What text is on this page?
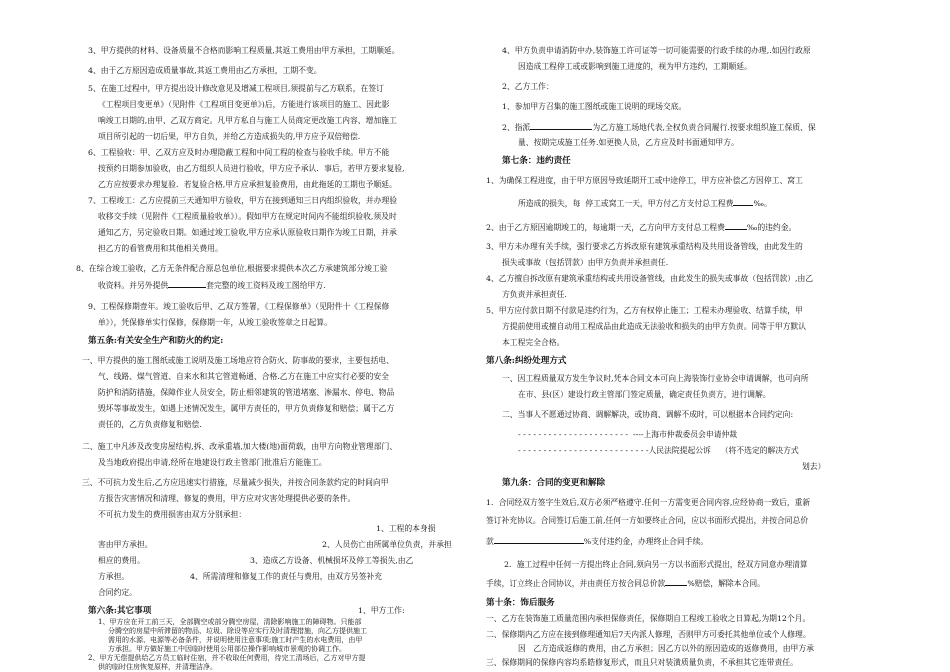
3、甲方提供的材料、设备质量不合格而影响工程质量,其返工费用由甲方承担，工期顺延。
4、由于乙方原因造成质量事故,其返工费用由乙方承担，工期不变。
5、在施工过程中，甲方提出设计修改意见及增减工程项目,须提前与乙方联系，在签订
《工程项目变更单》（见附件《工程项目变更单》)后，方能进行该项目的施工、因此影
响竣工日期的,由甲、乙双方商定。凡甲方私自与施工人员商定更改施工内容、增加施工
项目所引起的一切后果，甲方自负，并给乙方造成损失的,甲方应予双倍赔偿.
6、工程验收：甲、乙双方应及时办理隐蔽工程和中间工程的检查与验收手续。甲方不能
按预约日期参加验收，由乙方组织人员进行验收，甲方应予承认．事后，若甲方要求复验,
乙方应按要求办理复验．若复验合格,甲方应承担复验费用，由此拖延的工期也予顺延。
7、工程竣工：乙方应提前三天通知甲方验收，甲方在接到通知三日内组织验收，并办理验
收移交手续（见附件《工程质量验收单》）。假如甲方在规定时间内不能组织验收,须及时
通知乙方，另定验收日期。如通过竣工验收,甲方应承认原验收日期作为竣工日期，并承
担乙方的看管费用和其他相关费用。
8、在综合竣工验收，乙方无条件配合原总包单位,根据要求提供本次乙方承建筑部分竣工验
收资料。并另外提供	套完整的竣工资料及竣工图给甲方.
9、工程保修期壹年。竣工验收后甲、乙双方签署，《工程保修单》（见附件十《工程保修
单》），凭保修单实行保修，保修期一年，从竣工验收签章之日起算。
第五条:有关安全生产和防火的约定:
一、甲方提供的施工图纸或施工说明及施工场地应符合防火、防事故的要求，主要包括电、
气、线路、煤气管道、自来水和其它管道畅通、合格.乙方在施工中应实行必要的安全
防护和消防措施，保障作业人员安全，防止相邻建筑的管道堵塞、渗漏水、停电、物品
毁坏等事故发生，如遇上述情况发生，属甲方责任的，甲方负责修复和赔偿；属于乙方
责任的，乙方负责修复和赔偿.
二、施工中凡涉及改变房屋结构,拆、改承重墙,加大楼(地)面荷载，由甲方向物业管理部门、
及当地政府提出申请,经所在地建设行政主管部门批准后方能施工。
三、不可抗力发生后,乙方应迅速实行措施，尽量减少损失，并按合同条款约定的时间向甲
方报告灾害情况和清理、修复的费用，甲方应对灾害处理提供必要的条件。
不可抗力发生的费用损害由双方分别承担：
1、工程的本身损
害由甲方承担。	2、人员伤亡由所属单位负责，并承担
相应的费用。	3、造成乙方设备、机械损坏及停工等损失,由乙
方承担。	4、所需清理和修复工作的责任与费用，由双方另签补充
合同约定。
第六条:其它事项	1、甲方工作:
4、甲方负责申请消防中办,装饰施工许可证等一切可能需要的行政手续的办理,.如因行政原
因造成工程停工或或影响到施工进度的，视为甲方违约，工期顺延。
2、乙方工作：
1、参加甲方召集的施工图纸或施工说明的现场交底。
2、指派	为乙方施工场地代表,全权负责合同履行.按要求组织施工保质、保
量、按期完成施工任务.如更换人员，乙方应及时书面通知甲方。
第七条：违约责任
1、为确保工程进度，由于甲方原因导致延期开工或中途停工，甲方应补偿乙方因停工、窝工
所造成的损失，每  停工或窝工一天，甲方付乙方支付总工程费	‰。
2、由于乙方原因逾期竣工的，每逾期一天，乙方向甲方支付总工程费	‰的违约金。
3、甲方未办理有关手续，强行要求乙方拆改原有建筑承重结构及共用设备管线，由此发生的
损失或事故（包括罚款）由甲方负责并承担责任.
4、乙方擅自拆改原有建筑承重结构或共用设备管线，由此发生的损失或事故（包括罚款）,由乙
方负责并承担责任.
5、甲方应付款日期不付款是违约行为，乙方有权停止施工；工程未办理验收、结算手续，甲
方提前使用或擅自动用工程成品由此造成无法验收和损失的由甲方负责。同等于甲方默认
本工程完全合格。
第八条:纠纷处理方式
一、因工程质量双方发生争议时,凭本合同文本可向上海装饰行业协会申请调解，也可向所
在市、县(区）建设行政主管部门签定质量，确定责任负责方，进行调解。
二、当事人不愿通过协商、调解解决，或协商、调解不成时，可以根据本合同约定向:
- - - - - - - - - - - - - - - - - - - - - -  ----上海市仲裁委员会申请仲裁
- - - - - - - - - - - - - - - - - - - - - - - - - -人民法院提起公诉 （将不选定的解决方式
划去）
第九条：合同的变更和解除
1．合同经双方签字生效后,双方必须严格遵守.任何一方需变更合同内容,应经协商一致后，重新
签订补充协议。合同签订后施工前,任何一方如要终止合同，应以书面形式提出，并按合同总价
款	%支付违约金，办理终止合同手续。
2．施工过程中任何一方提出终止合同,须向另一方以书面形式提出，经双方同意办理清算
手续，订立终止合同协议，并由责任方按合同总价款	%赔偿，解除本合同。
第十条：饰后服务
一、乙方在装饰施工质量范围内承担保修责任，保修期自工程竣工验收之日算起,为期12个月。
二、保修期内乙方应在接到修理通知后7天内派人修理，否则甲方可委托其他单位或个人修理。
因   乙方造成返修的费用，由乙方承担；因乙方以外的原因造成的返修费用，由甲方承
三、保修期间的保修内容均系皓修复形式，而且只对装潢质量负责，不承担其它连带责任。
1、甲方应在开工前三天，全部腾空或部分腾空房屋，清除影响施工的障碍物。只能部
分腾空的房屋中所滞留的物品、垃圾、除设等应实行及时清理措施，向乙方提供施工
需用的水源、电源等必备条件，并说明使用注意事项;施工时产生的水电费用，由甲
方承担。甲方做好施工中因临时使用公用部位操作影响城市景观的协调工作。
2、甲方无偿提供给乙方员工临时住宿，并不收取任何费用，待完工清场后，乙方对甲方提
供的临时住房恢复原样，并清理洁净。
